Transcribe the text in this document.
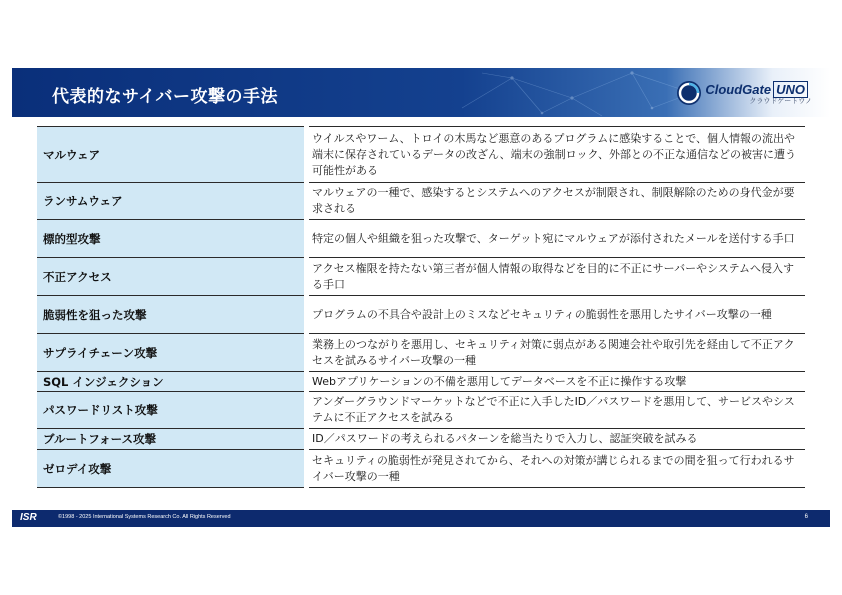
代表的なサイバー攻撃の手法	CloudGate UNO
クラウドゲートウノ
マルウェア	ウイルスやワーム、トロイの木馬など悪意のあるプログラムに感染することで、個人情報の流出や端末に保存されているデータの改ざん、端末の強制ロック、外部との不正な通信などの被害に遭う可能性がある
ランサムウェア	マルウェアの一種で、感染するとシステムへのアクセスが制限され、制限解除のための身代金が要求される
標的型攻撃	特定の個人や組織を狙った攻撃で、ターゲット宛にマルウェアが添付されたメールを送付する手口
不正アクセス	アクセス権限を持たない第三者が個人情報の取得などを目的に不正にサーバーやシステムへ侵入する手口
脆弱性を狙った攻撃	プログラムの不具合や設計上のミスなどセキュリティの脆弱性を悪用したサイバー攻撃の一種
サプライチェーン攻撃	業務上のつながりを悪用し、セキュリティ対策に弱点がある関連会社や取引先を経由して不正アクセスを試みるサイバー攻撃の一種
SQL インジェクション	Webアプリケーションの不備を悪用してデータベースを不正に操作する攻撃
パスワードリスト攻撃	アンダーグラウンドマーケットなどで不正に入手したID／パスワードを悪用して、サービスやシステムに不正アクセスを試みる
ブルートフォース攻撃	ID／パスワードの考えられるパターンを総当たりで入力し、認証突破を試みる
ゼロデイ攻撃	セキュリティの脆弱性が発見されてから、それへの対策が講じられるまでの間を狙って行われるサイバー攻撃の一種
ISR	©1998 - 2025 International Systems Research Co. All Rights Reserved	6
